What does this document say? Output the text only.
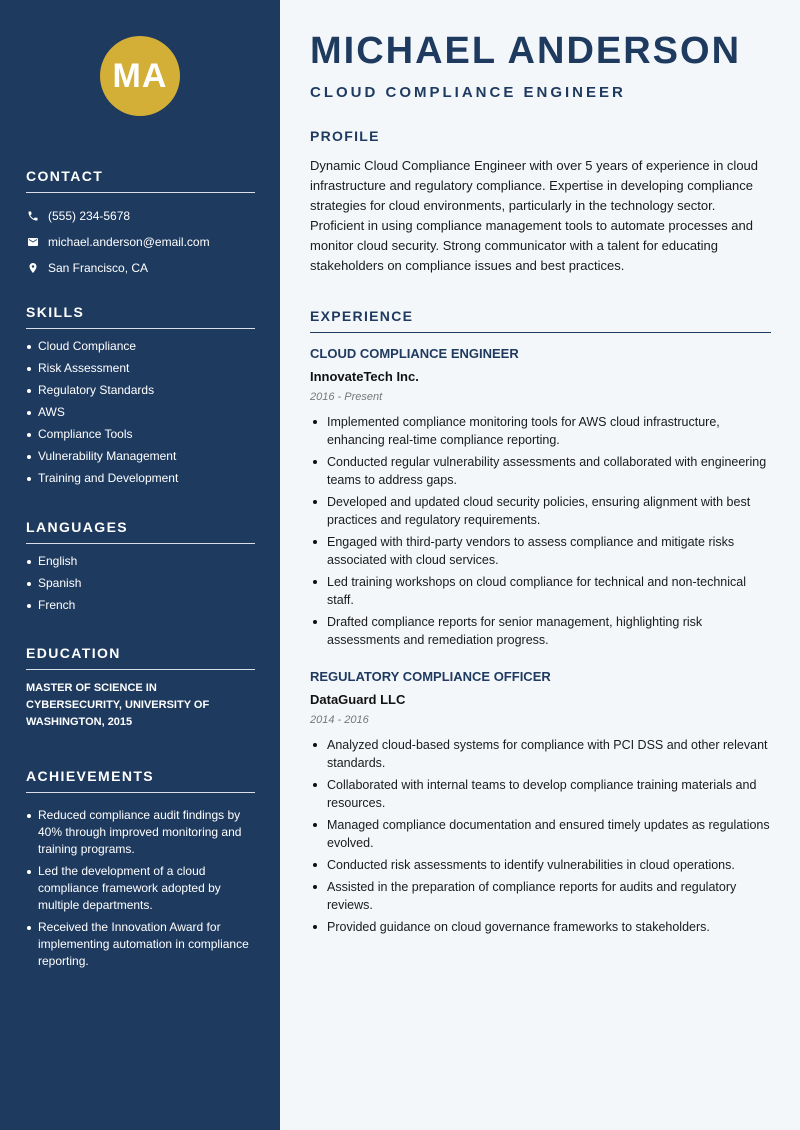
MA
CONTACT
(555) 234-5678
michael.anderson@email.com
San Francisco, CA
SKILLS
Cloud Compliance
Risk Assessment
Regulatory Standards
AWS
Compliance Tools
Vulnerability Management
Training and Development
LANGUAGES
English
Spanish
French
EDUCATION
MASTER OF SCIENCE IN CYBERSECURITY, UNIVERSITY OF WASHINGTON, 2015
ACHIEVEMENTS
Reduced compliance audit findings by 40% through improved monitoring and training programs.
Led the development of a cloud compliance framework adopted by multiple departments.
Received the Innovation Award for implementing automation in compliance reporting.
MICHAEL ANDERSON
CLOUD COMPLIANCE ENGINEER
PROFILE

Dynamic Cloud Compliance Engineer with over 5 years of experience in cloud infrastructure and regulatory compliance. Expertise in developing compliance strategies for cloud environments, particularly in the technology sector. Proficient in using compliance management tools to automate processes and monitor cloud security. Strong communicator with a talent for educating stakeholders on compliance issues and best practices.

EXPERIENCE

CLOUD COMPLIANCE ENGINEER

InnovateTech Inc.

2016 - Present

Implemented compliance monitoring tools for AWS cloud infrastructure, enhancing real-time compliance reporting.
Conducted regular vulnerability assessments and collaborated with engineering teams to address gaps.
Developed and updated cloud security policies, ensuring alignment with best practices and regulatory requirements.
Engaged with third-party vendors to assess compliance and mitigate risks associated with cloud services.
Led training workshops on cloud compliance for technical and non-technical staff.
Drafted compliance reports for senior management, highlighting risk assessments and remediation progress.

REGULATORY COMPLIANCE OFFICER

DataGuard LLC

2014 - 2016

Analyzed cloud-based systems for compliance with PCI DSS and other relevant standards.
Collaborated with internal teams to develop compliance training materials and resources.
Managed compliance documentation and ensured timely updates as regulations evolved.
Conducted risk assessments to identify vulnerabilities in cloud operations.
Assisted in the preparation of compliance reports for audits and regulatory reviews.
Provided guidance on cloud governance frameworks to stakeholders.
